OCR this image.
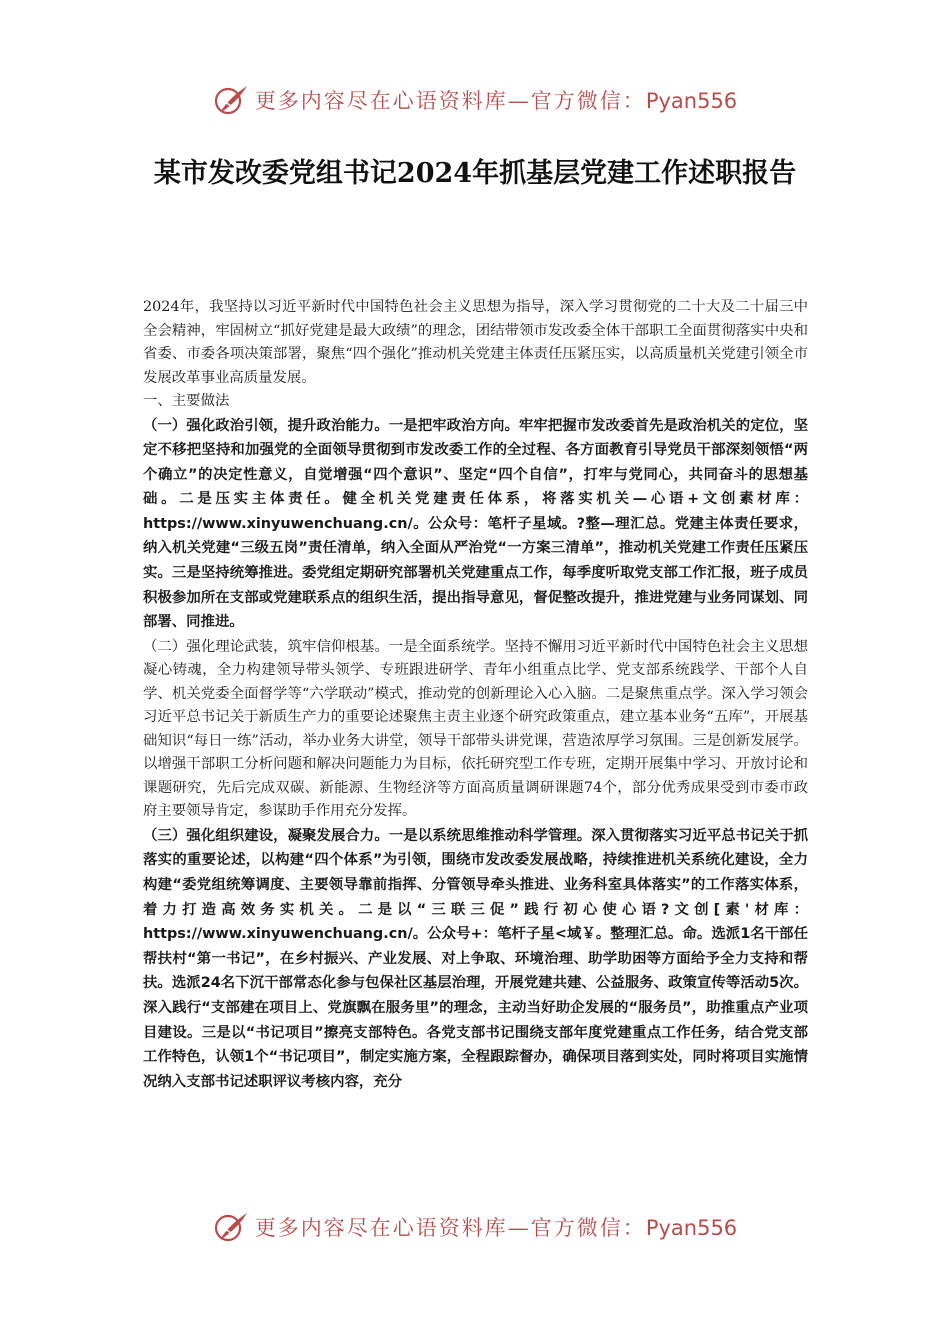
更多内容尽在心语资料库—官方微信：Pyan556
某市发改委党组书记2024年抓基层党建工作述职报告

2024年，我坚持以习近平新时代中国特色社会主义思想为指导，深入学习贯彻党的二十大及二十届三中全会精神，牢固树立“抓好党建是最大政绩”的理念，团结带领市发改委全体干部职工全面贯彻落实中央和省委、市委各项决策部署，聚焦“四个强化”推动机关党建主体责任压紧压实，以高质量机关党建引领全市发展改革事业高质量发展。

一、主要做法

（一）强化政治引领，提升政治能力。一是把牢政治方向。牢牢把握市发改委首先是政治机关的定位，坚定不移把坚持和加强党的全面领导贯彻到市发改委工作的全过程、各方面教育引导党员干部深刻领悟“两个确立”的决定性意义，自觉增强“四个意识”、坚定“四个自信”，打牢与党同心，共同奋斗的思想基础。二是压实主体责任。健全机关党建责任体系，将落实机关—心语+文创素材库：https://www.xinyuwenchuang.cn/。公众号：笔杆子星域。?整—理汇总。党建主体责任要求，纳入机关党建“三级五岗”责任清单，纳入全面从严治党“一方案三清单”，推动机关党建工作责任压紧压实。三是坚持统筹推进。委党组定期研究部署机关党建重点工作，每季度听取党支部工作汇报，班子成员积极参加所在支部或党建联系点的组织生活，提出指导意见，督促整改提升，推进党建与业务同谋划、同部署、同推进。

（二）强化理论武装，筑牢信仰根基。一是全面系统学。坚持不懈用习近平新时代中国特色社会主义思想凝心铸魂，全力构建领导带头领学、专班跟进研学、青年小组重点比学、党支部系统践学、干部个人自学、机关党委全面督学等“六学联动”模式，推动党的创新理论入心入脑。二是聚焦重点学。深入学习领会习近平总书记关于新质生产力的重要论述聚焦主责主业逐个研究政策重点，建立基本业务“五库”，开展基础知识“每日一练”活动，举办业务大讲堂，领导干部带头讲党课，营造浓厚学习氛围。三是创新发展学。以增强干部职工分析问题和解决问题能力为目标，依托研究型工作专班，定期开展集中学习、开放讨论和课题研究，先后完成双碳、新能源、生物经济等方面高质量调研课题74个，部分优秀成果受到市委市政府主要领导肯定，参谋助手作用充分发挥。

（三）强化组织建设，凝聚发展合力。一是以系统思维推动科学管理。深入贯彻落实习近平总书记关于抓落实的重要论述，以构建“四个体系”为引领，围绕市发改委发展战略，持续推进机关系统化建设，全力构建“委党组统筹调度、主要领导靠前指挥、分管领导牵头推进、业务科室具体落实”的工作落实体系，着力打造高效务实机关。二是以“三联三促”践行初心使心语?文创[素'材库：https://www.xinyuwenchuang.cn/。公众号+：笔杆子星<域￥。整理汇总。命。选派1名干部任帮扶村“第一书记”，在乡村振兴、产业发展、对上争取、环境治理、助学助困等方面给予全力支持和帮扶。选派24名下沉干部常态化参与包保社区基层治理，开展党建共建、公益服务、政策宣传等活动5次。深入践行“支部建在项目上、党旗飘在服务里”的理念，主动当好助企发展的“服务员”，助推重点产业项目建设。三是以“书记项目”擦亮支部特色。各党支部书记围绕支部年度党建重点工作任务，结合党支部工作特色，认领1个“书记项目”，制定实施方案，全程跟踪督办，确保项目落到实处，同时将项目实施情况纳入支部书记述职评议考核内容，充分

更多内容尽在心语资料库—官方微信：Pyan556
